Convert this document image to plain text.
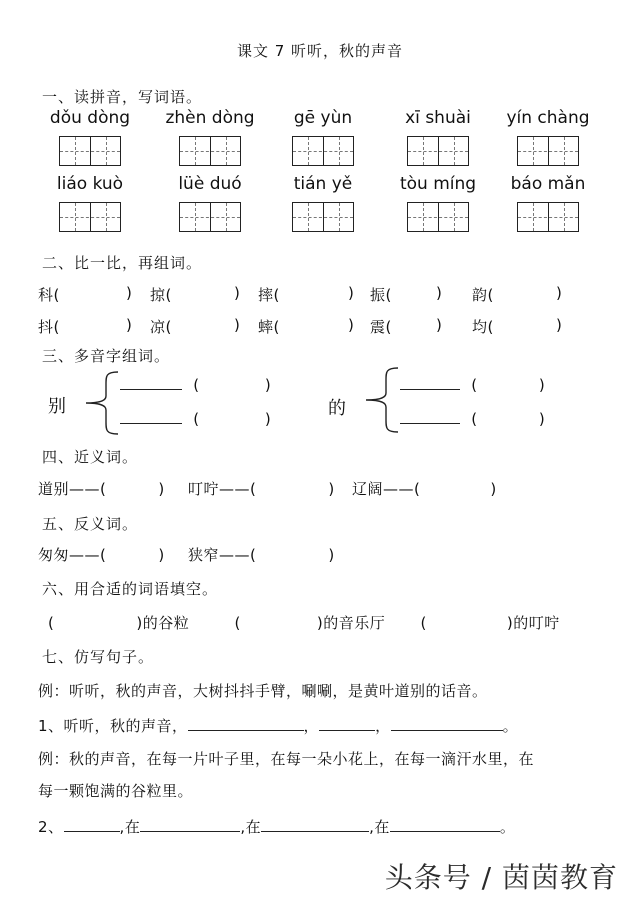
课文 7 听听，秋的声音
一、读拼音，写词语。
dǒu dòng	zhèn dòng	gē yùn	xī shuài	yín chàng
liáo kuò	lüè duó	tián yě	tòu míng	báo mǎn
二、比一比，再组词。
科(	) 掠(	) 摔(	) 振(	) 韵(	)
抖(	) 凉(	) 蟀(	) 震(	) 均(	)
三、多音字组词。
别
(	)
(	)	的
(	)
(	)
四、近义词。
道别——(	) 叮咛——(	) 辽阔——(	)
五、反义词。
匆匆——(	) 狭窄——(	)
六、用合适的词语填空。
(	)的谷粒	(	)的音乐厅 (	)的叮咛
七、仿写句子。
例：听听，秋的声音，大树抖抖手臂，唰唰，是黄叶道别的话音。
1、听听，秋的声音，	，	，	。
例：秋的声音，在每一片叶子里，在每一朵小花上，在每一滴汗水里，在
每一颗饱满的谷粒里。
2、	,在	,在	,在	。
头条号 / 茵茵教育
